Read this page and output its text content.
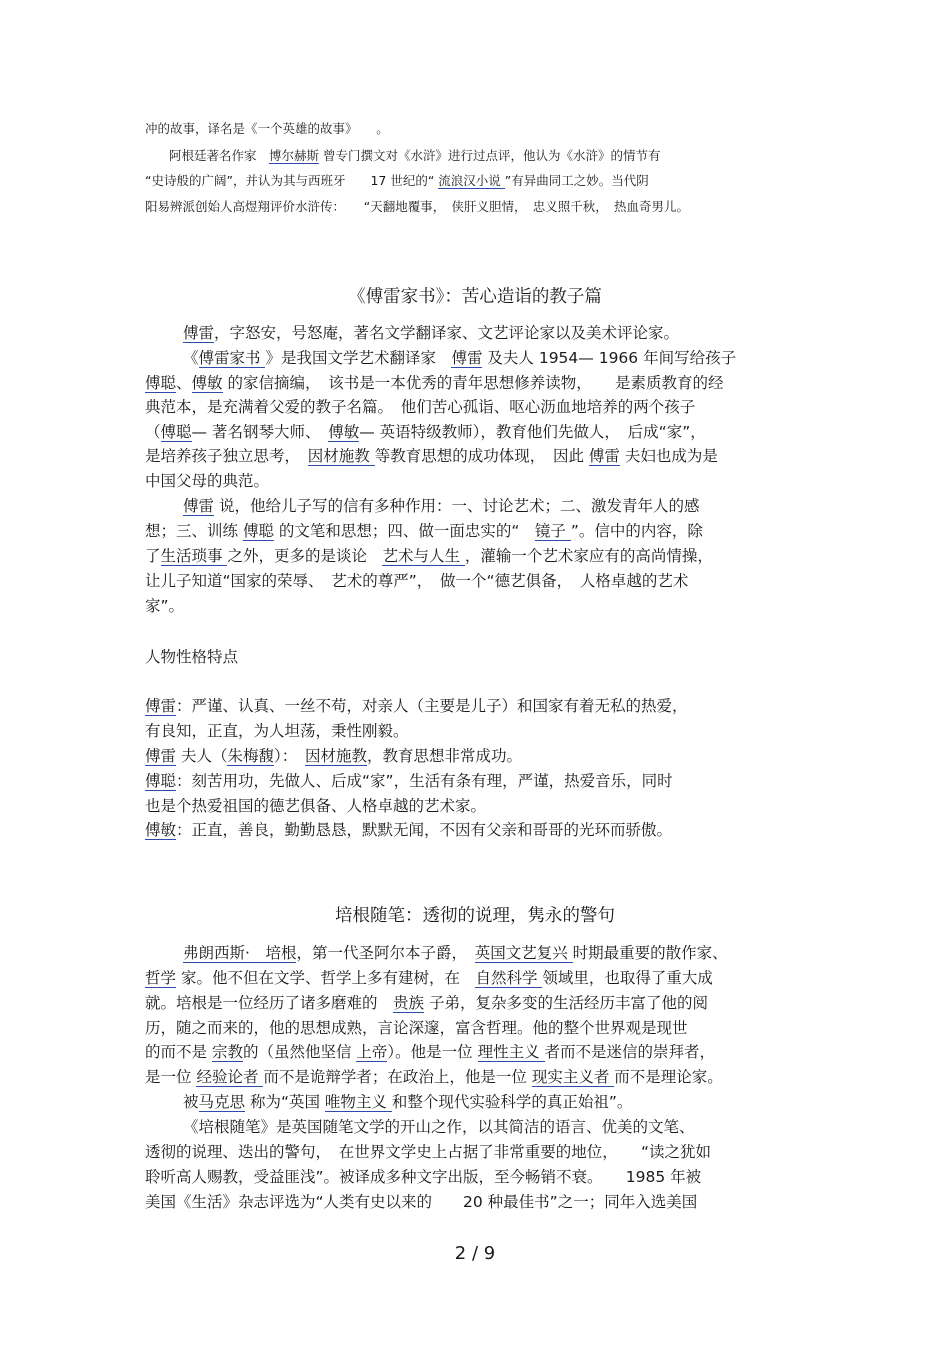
冲的故事，译名是《一个英雄的故事》　　。
阿根廷著名作家　博尔赫斯 曾专门撰文对《水浒》进行过点评，他认为《水浒》的情节有
“史诗般的广阔”，并认为其与西班牙　　17 世纪的“ 流浪汉小说 ”有异曲同工之妙。当代阴
阳易辨派创始人高煜翔评价水浒传：　　“天翻地覆事，　侠肝义胆情，　忠义照千秋，　热血奇男儿。
《傅雷家书》：苦心造诣的教子篇
傅雷，字怒安，号怒庵，著名文学翻译家、文艺评论家以及美术评论家。
《傅雷家书 》是我国文学艺术翻译家　傅雷 及夫人 1954— 1966 年间写给孩子
傅聪、傅敏 的家信摘编，　该书是一本优秀的青年思想修养读物，　　是素质教育的经
典范本，是充满着父爱的教子名篇。　他们苦心孤诣、呕心沥血地培养的两个孩子
（傅聪— 著名钢琴大师、　傅敏— 英语特级教师），教育他们先做人，　后成“家”，
是培养孩子独立思考，　因材施教 等教育思想的成功体现，　因此 傅雷 夫妇也成为是
中国父母的典范。
傅雷 说，他给儿子写的信有多种作用：一、讨论艺术；二、激发青年人的感
想；三、训练 傅聪 的文笔和思想；四、做一面忠实的“　镜子 ”。信中的内容，除
了生活琐事 之外，更多的是谈论　艺术与人生 ，灌输一个艺术家应有的高尚情操，
让儿子知道“国家的荣辱、　艺术的尊严”，　做一个“德艺俱备，　人格卓越的艺术
家”。
人物性格特点
傅雷：严谨、认真、一丝不苟，对亲人（主要是儿子）和国家有着无私的热爱，
有良知，正直，为人坦荡，秉性刚毅。
傅雷 夫人（朱梅馥）：　因材施教，教育思想非常成功。
傅聪：刻苦用功，先做人、后成“家”，生活有条有理，严谨，热爱音乐，同时
也是个热爱祖国的德艺俱备、人格卓越的艺术家。
傅敏：正直，善良，勤勤恳恳，默默无闻，不因有父亲和哥哥的光环而骄傲。
培根随笔：透彻的说理，隽永的警句
弗朗西斯·　培根，第一代圣阿尔本子爵，　英国文艺复兴 时期最重要的散作家、
哲学 家。他不但在文学、哲学上多有建树，在　自然科学 领域里，也取得了重大成
就。培根是一位经历了诸多磨难的　贵族 子弟，复杂多变的生活经历丰富了他的阅
历，随之而来的，他的思想成熟，言论深邃，富含哲理。他的整个世界观是现世
的而不是 宗教的（虽然他坚信 上帝）。他是一位 理性主义 者而不是迷信的崇拜者，
是一位 经验论者 而不是诡辩学者；在政治上，他是一位 现实主义者 而不是理论家。
被马克思 称为“英国 唯物主义 和整个现代实验科学的真正始祖”。
《培根随笔》是英国随笔文学的开山之作，以其简洁的语言、优美的文笔、
透彻的说理、迭出的警句，　在世界文学史上占据了非常重要的地位，　　“读之犹如
聆听高人赐教，受益匪浅”。被译成多种文字出版，至今畅销不衰。　　1985 年被
美国《生活》杂志评选为“人类有史以来的　　20 种最佳书”之一；同年入选美国
2 / 9
